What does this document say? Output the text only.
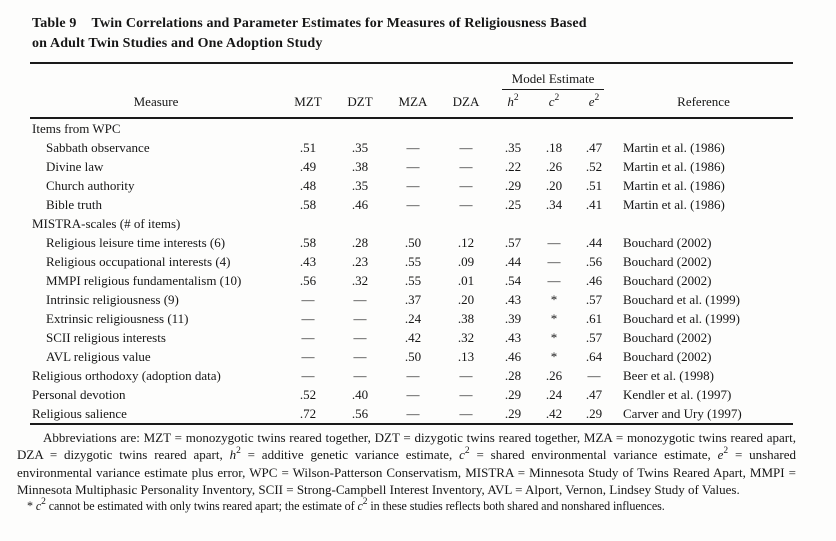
Table 9 Twin Correlations and Parameter Estimates for Measures of Religiousness Based
on Adult Twin Studies and One Adoption Study

					Model Estimate			

Measure	MZT	DZT	MZA	DZA	$h^2$	$c^2$	$e^2$	Reference
Items from WPC								
Sabbath observance	.51	.35	—	—	.35	.18	.47	Martin et al. (1986)
Divine law	.49	.38	—	—	.22	.26	.52	Martin et al. (1986)
Church authority	.48	.35	—	—	.29	.20	.51	Martin et al. (1986)
Bible truth	.58	.46	—	—	.25	.34	.41	Martin et al. (1986)
MISTRA-scales (# of items)								
Religious leisure time interests (6)	.58	.28	.50	.12	.57	—	.44	Bouchard (2002)
Religious occupational interests (4)	.43	.23	.55	.09	.44	—	.56	Bouchard (2002)
MMPI religious fundamentalism (10)	.56	.32	.55	.01	.54	—	.46	Bouchard (2002)
Intrinsic religiousness (9)	—	—	.37	.20	.43	*	.57	Bouchard et al. (1999)
Extrinsic religiousness (11)	—	—	.24	.38	.39	*	.61	Bouchard et al. (1999)
SCII religious interests	—	—	.42	.32	.43	*	.57	Bouchard (2002)
AVL religious value	—	—	.50	.13	.46	*	.64	Bouchard (2002)
Religious orthodoxy (adoption data)	—	—	—	—	.28	.26	—	Beer et al. (1998)
Personal devotion	.52	.40	—	—	.29	.24	.47	Kendler et al. (1997)
Religious salience	.72	.56	—	—	.29	.42	.29	Carver and Ury (1997)

Abbreviations are: MZT = monozygotic twins reared together, DZT = dizygotic twins reared together, MZA = monozygotic twins reared apart, DZA = dizygotic twins reared apart, $h^2$ = additive genetic variance estimate, $c^2$ = shared environmental variance estimate, $e^2$ = unshared environmental variance estimate plus error, WPC = Wilson-Patterson Conservatism, MISTRA = Minnesota Study of Twins Reared Apart, MMPI = Minnesota Multiphasic Personality Inventory, SCII = Strong-Campbell Interest Inventory, AVL = Alport, Vernon, Lindsey Study of Values.

* $c^2$ cannot be estimated with only twins reared apart; the estimate of $c^2$ in these studies reflects both shared and nonshared influences.
